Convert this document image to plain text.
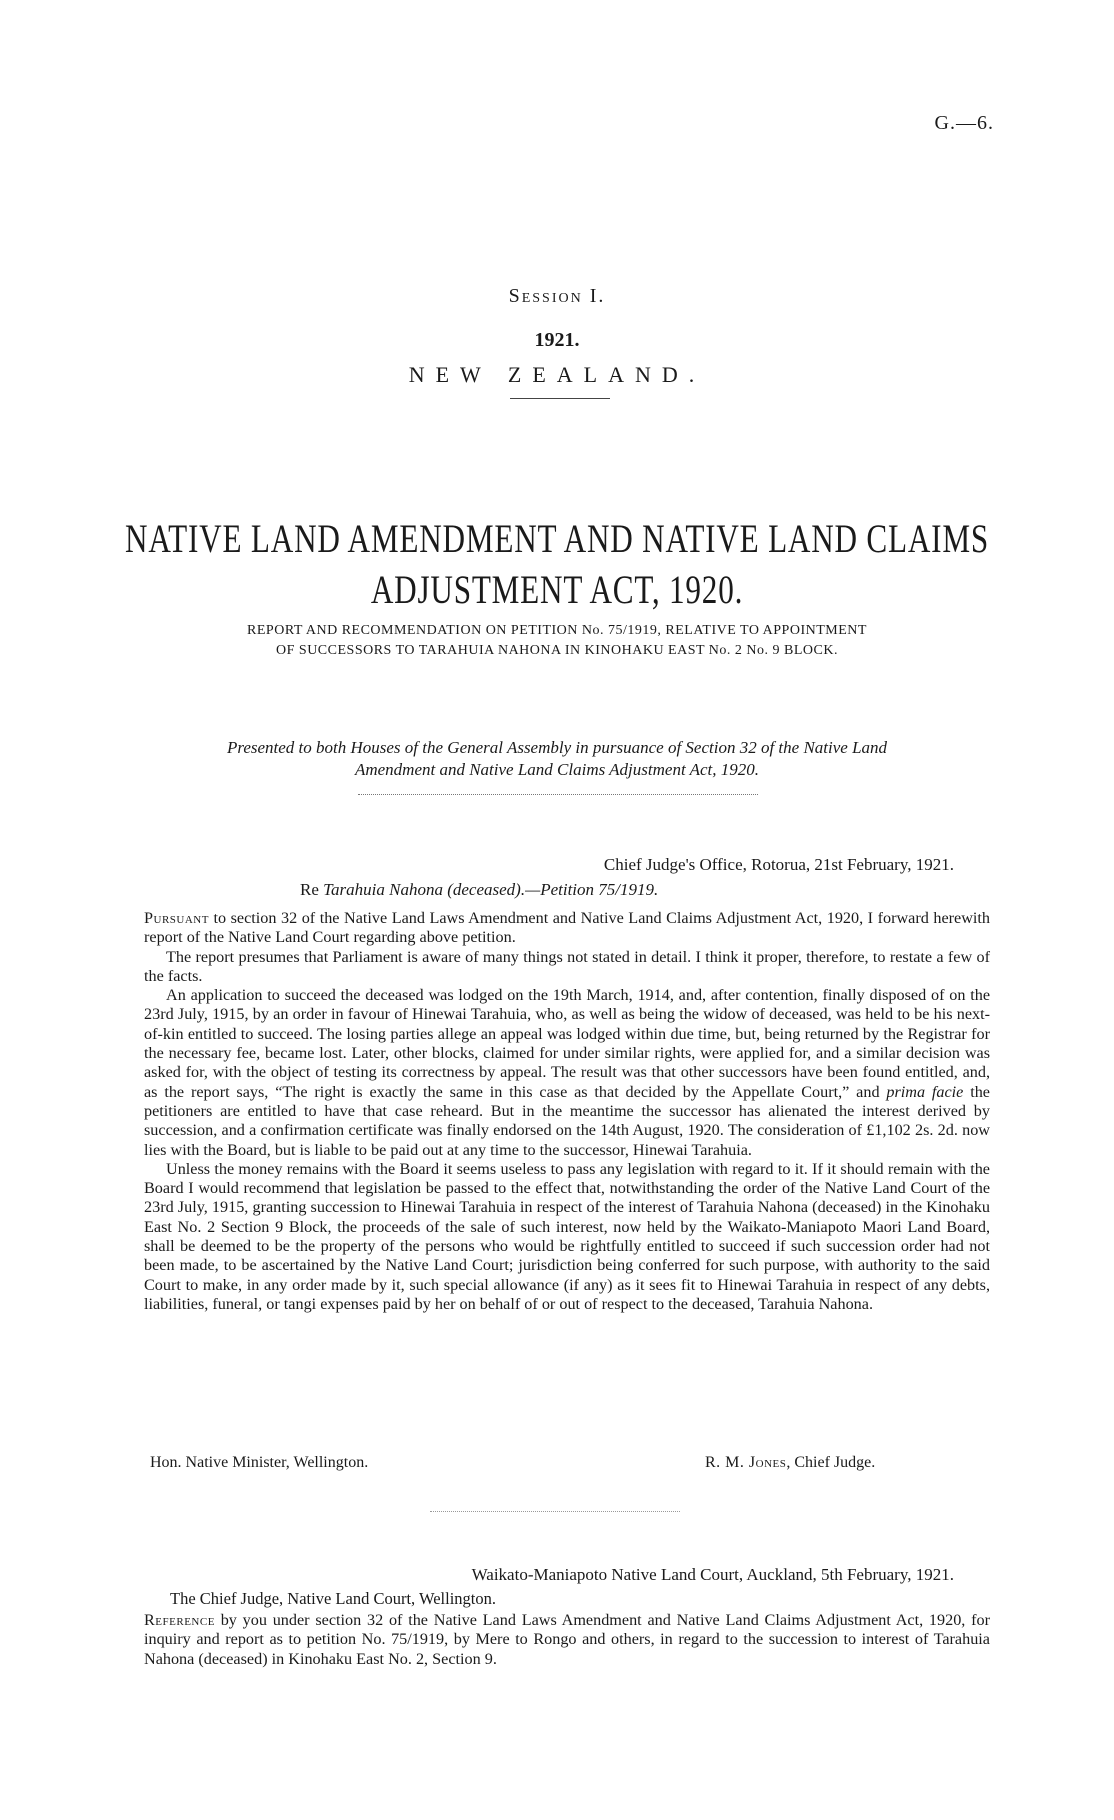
G.—6.
Session I.
1921.
NEW ZEALAND.
NATIVE LAND AMENDMENT AND NATIVE LAND CLAIMS
ADJUSTMENT ACT, 1920.
REPORT AND RECOMMENDATION ON PETITION No. 75/1919, RELATIVE TO APPOINTMENT
OF SUCCESSORS TO TARAHUIA NAHONA IN KINOHAKU EAST No. 2 No. 9 BLOCK.
Presented to both Houses of the General Assembly in pursuance of Section 32 of the Native Land
Amendment and Native Land Claims Adjustment Act, 1920.
Chief Judge's Office, Rotorua, 21st February, 1921.
Re Tarahuia Nahona (deceased).—Petition 75/1919.

Pursuant to section 32 of the Native Land Laws Amendment and Native Land Claims Adjustment Act, 1920, I forward herewith report of the Native Land Court regarding above petition.

The report presumes that Parliament is aware of many things not stated in detail. I think it proper, therefore, to restate a few of the facts.

An application to succeed the deceased was lodged on the 19th March, 1914, and, after contention, finally disposed of on the 23rd July, 1915, by an order in favour of Hinewai Tarahuia, who, as well as being the widow of deceased, was held to be his next-of-kin entitled to succeed. The losing parties allege an appeal was lodged within due time, but, being returned by the Registrar for the necessary fee, became lost. Later, other blocks, claimed for under similar rights, were applied for, and a similar decision was asked for, with the object of testing its correctness by appeal. The result was that other successors have been found entitled, and, as the report says, “The right is exactly the same in this case as that decided by the Appellate Court,” and prima facie the petitioners are entitled to have that case reheard. But in the meantime the successor has alienated the interest derived by succession, and a confirmation certificate was finally endorsed on the 14th August, 1920. The consideration of £1,102 2s. 2d. now lies with the Board, but is liable to be paid out at any time to the successor, Hinewai Tarahuia.

Unless the money remains with the Board it seems useless to pass any legislation with regard to it. If it should remain with the Board I would recommend that legislation be passed to the effect that, notwithstanding the order of the Native Land Court of the 23rd July, 1915, granting succession to Hinewai Tarahuia in respect of the interest of Tarahuia Nahona (deceased) in the Kinohaku East No. 2 Section 9 Block, the proceeds of the sale of such interest, now held by the Waikato-Maniapoto Maori Land Board, shall be deemed to be the property of the persons who would be rightfully entitled to succeed if such succession order had not been made, to be ascertained by the Native Land Court; jurisdiction being conferred for such purpose, with authority to the said Court to make, in any order made by it, such special allowance (if any) as it sees fit to Hinewai Tarahuia in respect of any debts, liabilities, funeral, or tangi expenses paid by her on behalf of or out of respect to the deceased, Tarahuia Nahona.

Hon. Native Minister, Wellington.	R. M. Jones, Chief Judge.
Waikato-Maniapoto Native Land Court, Auckland, 5th February, 1921.
The Chief Judge, Native Land Court, Wellington.

Reference by you under section 32 of the Native Land Laws Amendment and Native Land Claims Adjustment Act, 1920, for inquiry and report as to petition No. 75/1919, by Mere to Rongo and others, in regard to the succession to interest of Tarahuia Nahona (deceased) in Kinohaku East No. 2, Section 9.
